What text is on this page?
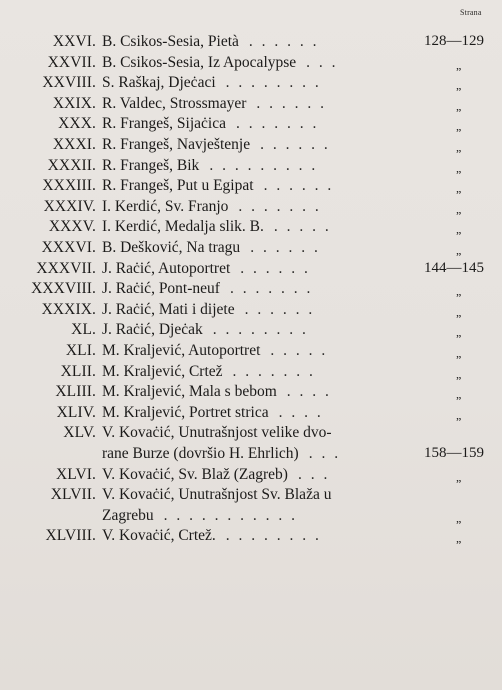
Strana
XXVI. B. Csikos-Sesia, Pietà . . . . . .	128—129
XXVII. B. Csikos-Sesia, Iz Apocalypse . . .	„
XXVIII. S. Raškaj, Djeċaci . . . . . . . .	„
XXIX. R. Valdec, Strossmayer . . . . . .	„
XXX. R. Frangeš, Sijaċica . . . . . . .	„
XXXI. R. Frangeš, Navještenje . . . . . .	„
XXXII. R. Frangeš, Bik . . . . . . . . .	„
XXXIII. R. Frangeš, Put u Egipat . . . . . .	„
XXXIV. I. Kerdić, Sv. Franjo . . . . . . .	„
XXXV. I. Kerdić, Medalja slik. B. . . . . .	„
XXXVI. B. Dešković, Na tragu . . . . . .	„
XXXVII. J. Raċić, Autoportret . . . . . .	144—145
XXXVIII. J. Raċić, Pont-neuf . . . . . . .	„
XXXIX. J. Raċić, Mati i dijete . . . . . .	„
XL. J. Raċić, Djeċak . . . . . . . .	„
XLI. M. Kraljević, Autoportret . . . . .	„
XLII. M. Kraljević, Crtež . . . . . . .	„
XLIII. M. Kraljević, Mala s bebom . . . .	„
XLIV. M. Kraljević, Portret strica . . . .	„
XLV. V. Kovaċić, Unutrašnjost velike dvo-
rane Burze (dovršio H. Ehrlich) . . .	158—159
XLVI. V. Kovaċić, Sv. Blaž (Zagreb) . . .	„
XLVII. V. Kovaċić, Unutrašnjost Sv. Blaža u
Zagrebu . . . . . . . . . . .	„
XLVIII. V. Kovaċić, Crtež. . . . . . . . .	„
